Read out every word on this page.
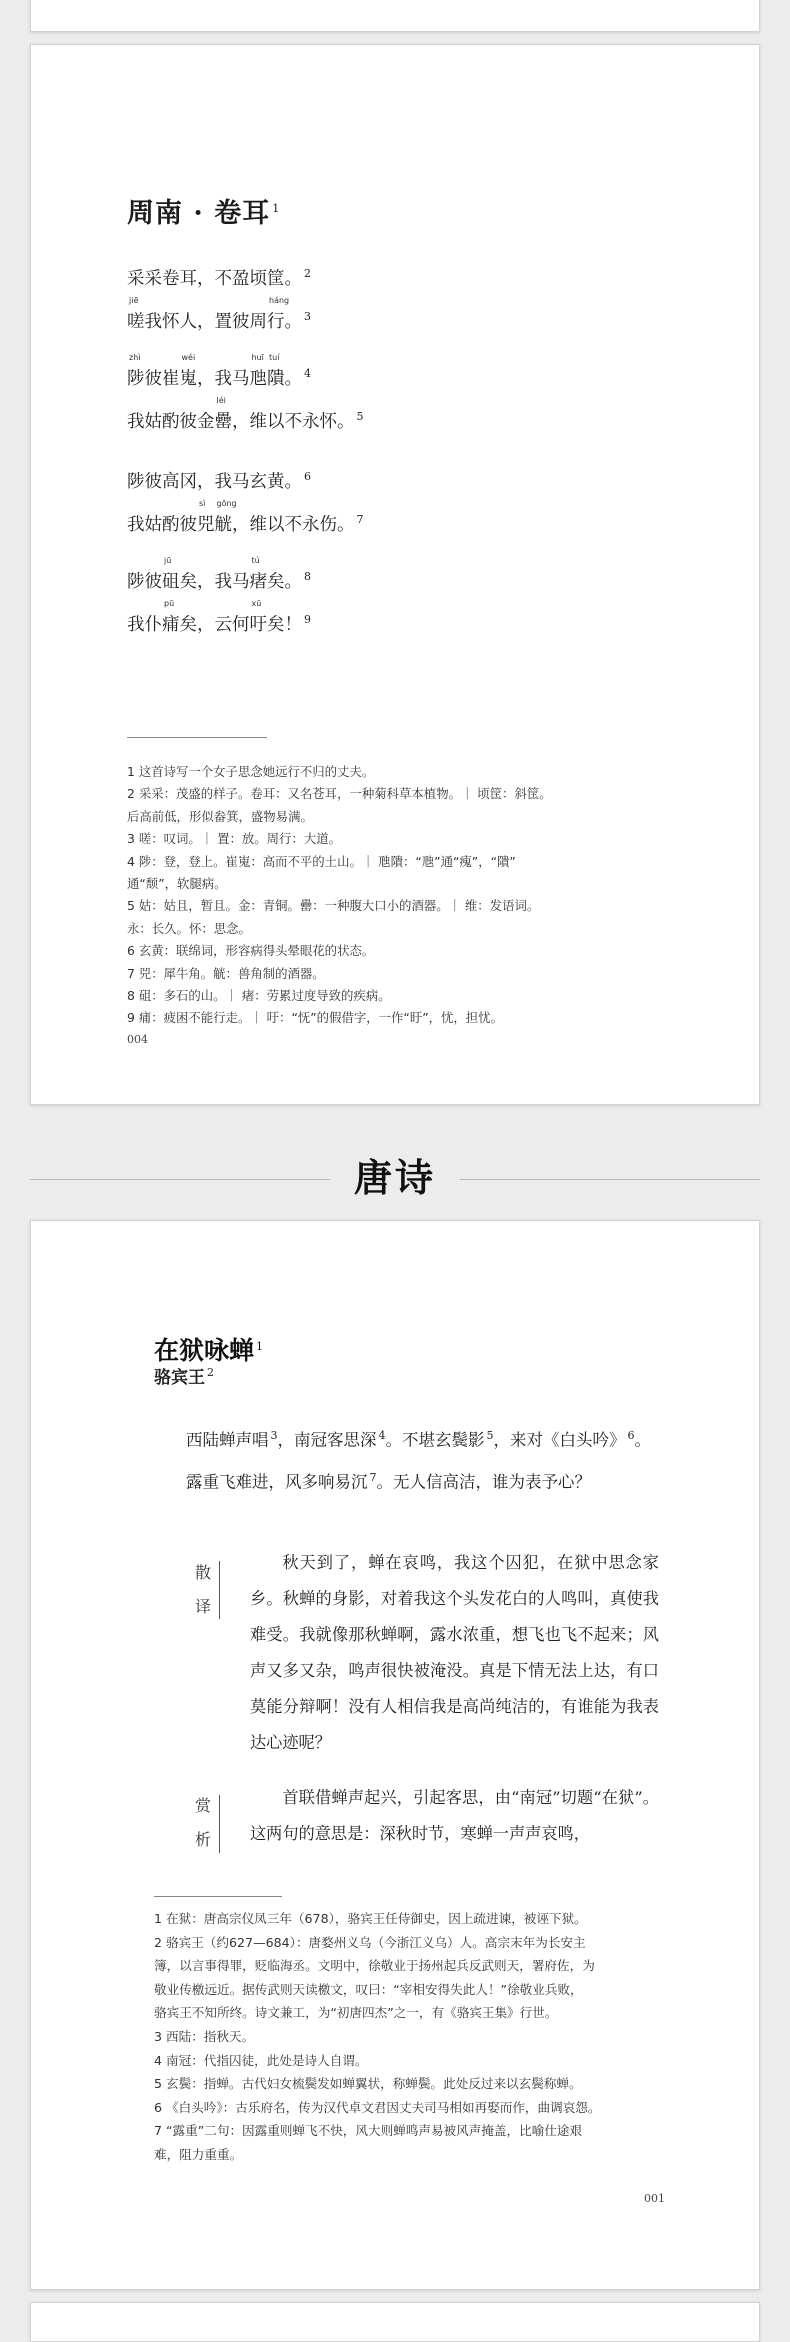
周南 · 卷耳 $^1$
采采卷耳，不盈顷筐。 $^2$
嗟我怀人，置彼周行。 $^3$
jiē	háng
陟彼崔嵬，我马虺隤。 $^4$
zhì	wéi	huī tuí
我姑酌彼金罍，维以不永怀。 $^5$
léi
陟彼高冈，我马玄黄。 $^6$
我姑酌彼兕觥，维以不永伤。 $^7$
sì gōng
陟彼砠矣，我马瘏矣。 $^8$
jū	tú
我仆痡矣，云何吁矣！ $^9$
pū	xū
1 这首诗写一个女子思念她远行不归的丈夫。
2 采采：茂盛的样子。卷耳：又名苍耳，一种菊科草本植物。｜ 顷筐：斜筐。
后高前低，形似畚箕，盛物易满。
3 嗟：叹词。｜ 置：放。周行：大道。
4 陟：登，登上。崔嵬：高而不平的土山。｜ 虺隤：“虺”通“瘣”，“隤”
通“颓”，软腿病。
5 姑：姑且，暂且。金：青铜。罍：一种腹大口小的酒器。｜ 维：发语词。
永：长久。怀：思念。
6 玄黄：联绵词，形容病得头晕眼花的状态。
7 兕：犀牛角。觥：兽角制的酒器。
8 砠：多石的山。｜ 瘏：劳累过度导致的疾病。
9 痡：疲困不能行走。｜ 吁：“怃”的假借字，一作“盱”，忧，担忧。
004
唐诗
在狱咏蝉 $^1$
骆宾王 $^2$
西陆蝉声唱 $^3$，南冠客思深 $^4$。不堪玄鬓影 $^5$，来对《白头吟》 $^6$。
露重飞难进，风多响易沉 $^7$。无人信高洁，谁为表予心？
散
译
秋天到了，蝉在哀鸣，我这个囚犯，在狱中思念家乡。秋蝉的身影，对着我这个头发花白的人鸣叫，真使我难受。我就像那秋蝉啊，露水浓重，想飞也飞不起来；风声又多又杂，鸣声很快被淹没。真是下情无法上达，有口莫能分辩啊！没有人相信我是高尚纯洁的，有谁能为我表达心迹呢？
赏
析
首联借蝉声起兴，引起客思，由“南冠”切题“在狱”。这两句的意思是：深秋时节，寒蝉一声声哀鸣，
1 在狱：唐高宗仪凤三年（678），骆宾王任侍御史，因上疏进谏，被诬下狱。
2 骆宾王（约627—684）：唐婺州义乌（今浙江义乌）人。高宗末年为长安主
簿，以言事得罪，贬临海丞。文明中，徐敬业于扬州起兵反武则天，署府佐，为
敬业传檄远近。据传武则天读檄文，叹曰：“宰相安得失此人！”徐敬业兵败，
骆宾王不知所终。诗文兼工，为“初唐四杰”之一，有《骆宾王集》行世。
3 西陆：指秋天。
4 南冠：代指囚徒，此处是诗人自谓。
5 玄鬓：指蝉。古代妇女梳鬓发如蝉翼状，称蝉鬓。此处反过来以玄鬓称蝉。
6 《白头吟》：古乐府名，传为汉代卓文君因丈夫司马相如再娶而作，曲调哀怨。
7 “露重”二句：因露重则蝉飞不快，风大则蝉鸣声易被风声掩盖，比喻仕途艰
难，阻力重重。
001
